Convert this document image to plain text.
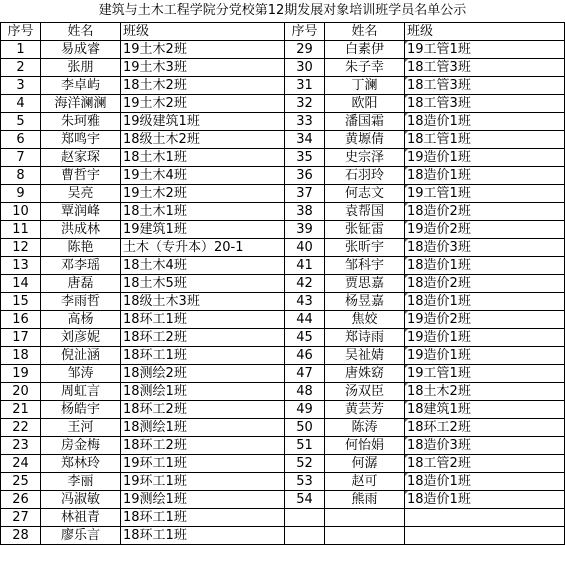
建筑与土木工程学院分党校第12期发展对象培训班学员名单公示
序号	姓名	班级	序号	姓名	班级
1	易成睿	19土木2班	29	白素伊	19工管1班
2	张朋	19土木3班	30	朱子幸	18工管3班
3	李卓屿	18土木2班	31	丁澜	18工管3班
4	海洋澜澜	19土木2班	32	欧阳	18工管3班
5	朱珂雅	19级建筑1班	33	潘国霜	18造价1班
6	郑鸣宇	18级土木2班	34	黄塬倩	18工管1班
7	赵家琛	18土木1班	35	史宗泽	19造价1班
8	曹哲宇	19土木4班	36	石羽玲	18造价1班
9	吴亮	19土木2班	37	何志文	19工管1班
10	覃润峰	18土木1班	38	袁帮国	18造价2班
11	洪成林	19建筑1班	39	张钲雷	19造价2班
12	陈艳	土木（专升本）20-1	40	张昕宇	18造价3班
13	邓李瑶	18土木4班	41	邹科宇	18造价1班
14	唐磊	18土木5班	42	贾思嘉	18造价2班
15	李雨哲	18级土木3班	43	杨昱嘉	18造价1班
16	高杨	18环工1班	44	焦姣	19造价2班
17	刘彦妮	18环工2班	45	郑诗雨	19造价1班
18	倪沚涵	18环工1班	46	吴祉婧	19造价1班
19	邹涛	18测绘2班	47	唐姝窈	19工管1班
20	周虹言	18测绘1班	48	汤双臣	18土木2班
21	杨皓宇	18环工2班	49	黄芸芳	18建筑1班
22	王河	18测绘1班	50	陈涛	18环工2班
23	房金梅	18环工2班	51	何怡娟	18造价3班
24	郑林玲	19环工1班	52	何潺	18工管2班
25	李丽	19环工1班	53	赵可	18造价1班
26	冯淑敏	19测绘1班	54	熊雨	18造价1班
27	林祖青	18环工1班			
28	廖乐言	18环工1班			
